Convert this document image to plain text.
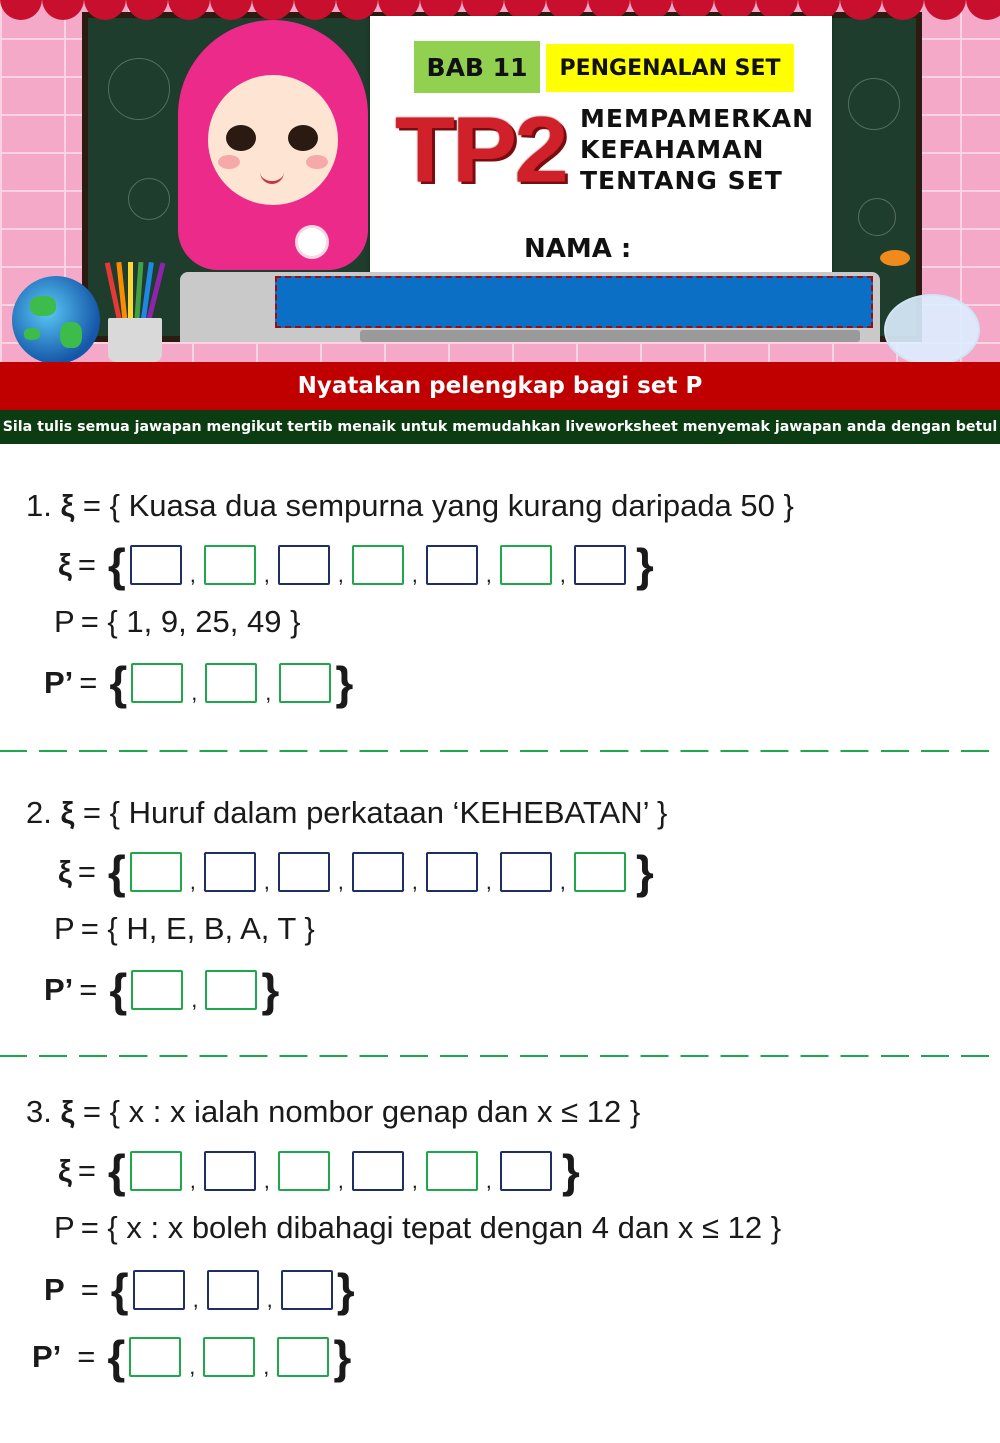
BAB 11	PENGENALAN SET
TP2 MEMPAMERKAN
KEFAHAMAN
TENTANG SET
NAMA :
Nyatakan pelengkap bagi set P
Sila tulis semua jawapan mengikut tertib menaik untuk memudahkan liveworksheet menyemak jawapan anda dengan betul
1. ξ = { Kuasa dua sempurna yang kurang daripada 50 }
ξ = {	,	,	,	,	,	, }
P = { 1, 9, 25, 49 }
P’ = {	,	, }
2. ξ = { Huruf dalam perkataan ‘KEHEBATAN’ }
ξ = {	,	,	,	,	,	, }
P = { H, E, B, A, T }
P’ = {	, }
3. ξ = { x : x ialah nombor genap dan x ≤ 12 }
ξ = {	,	,	,	,	, }
P = { x : x boleh dibahagi tepat dengan 4 dan x ≤ 12 }
P = {	,	, }
P’ = {	,	, }
